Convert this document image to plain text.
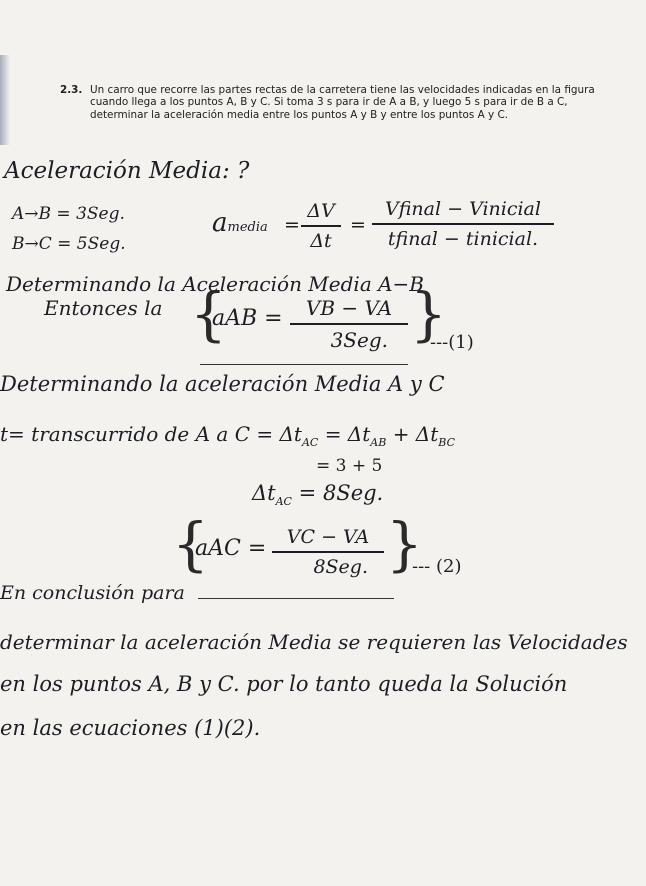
2.3. Un carro que recorre las partes rectas de la carretera tiene las velocidades indicadas en la figura cuando llega a los puntos A, B y C. Si toma 3 s para ir de A a B, y luego 5 s para ir de B a C, determinar la aceleración media entre los puntos A y B y entre los puntos A y C.
Aceleración Media: ?
A→B = 3Seg.
B→C = 5Seg.
amedia =
ΔV
Δt
=
Vfinal − Vinicial
tfinal − tinicial.
Determinando la Aceleración Media A−B
Entonces la {
aAB =	VB − VA
3Seg. }
---(1)
Determinando la aceleración Media A y C
t= transcurrido de A a $C = \Delta t_{AC} = \Delta t_{AB} + \Delta t_{BC}$
= 3 + 5
$\Delta t_{AC} = 8Seg$.
{
aAC =	VC − VA
8Seg. }
--- (2)
En conclusión para
determinar la aceleración Media se requieren las Velocidades
en los puntos A, B y C. por lo tanto queda la Solución
en las ecuaciones (1)(2).
